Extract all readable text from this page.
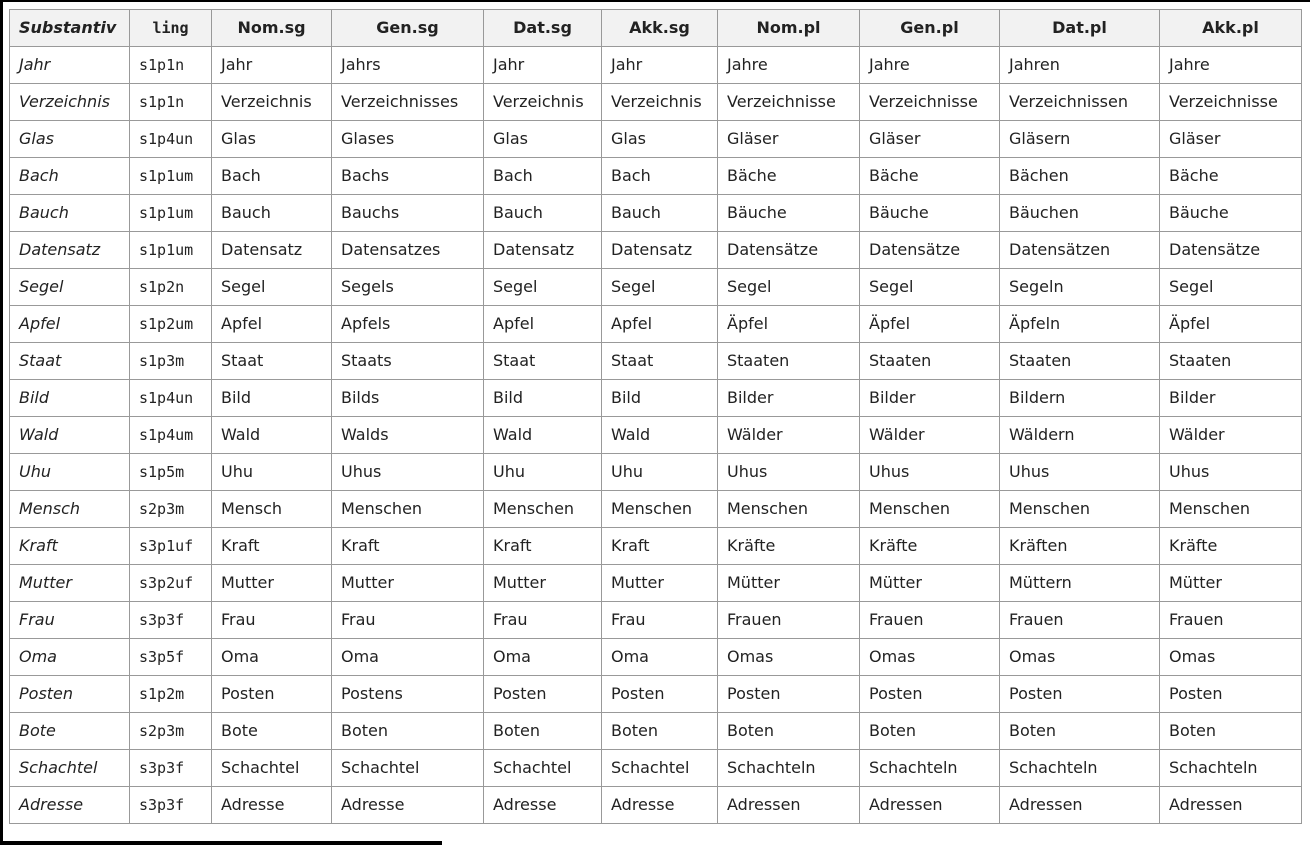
Substantiv	ling	Nom.sg	Gen.sg	Dat.sg	Akk.sg	Nom.pl	Gen.pl	Dat.pl	Akk.pl
Jahr	s1p1n	Jahr	Jahrs	Jahr	Jahr	Jahre	Jahre	Jahren	Jahre
Verzeichnis	s1p1n	Verzeichnis	Verzeichnisses	Verzeichnis	Verzeichnis	Verzeichnisse	Verzeichnisse	Verzeichnissen	Verzeichnisse
Glas	s1p4un	Glas	Glases	Glas	Glas	Gläser	Gläser	Gläsern	Gläser
Bach	s1p1um	Bach	Bachs	Bach	Bach	Bäche	Bäche	Bächen	Bäche
Bauch	s1p1um	Bauch	Bauchs	Bauch	Bauch	Bäuche	Bäuche	Bäuchen	Bäuche
Datensatz	s1p1um	Datensatz	Datensatzes	Datensatz	Datensatz	Datensätze	Datensätze	Datensätzen	Datensätze
Segel	s1p2n	Segel	Segels	Segel	Segel	Segel	Segel	Segeln	Segel
Apfel	s1p2um	Apfel	Apfels	Apfel	Apfel	Äpfel	Äpfel	Äpfeln	Äpfel
Staat	s1p3m	Staat	Staats	Staat	Staat	Staaten	Staaten	Staaten	Staaten
Bild	s1p4un	Bild	Bilds	Bild	Bild	Bilder	Bilder	Bildern	Bilder
Wald	s1p4um	Wald	Walds	Wald	Wald	Wälder	Wälder	Wäldern	Wälder
Uhu	s1p5m	Uhu	Uhus	Uhu	Uhu	Uhus	Uhus	Uhus	Uhus
Mensch	s2p3m	Mensch	Menschen	Menschen	Menschen	Menschen	Menschen	Menschen	Menschen
Kraft	s3p1uf	Kraft	Kraft	Kraft	Kraft	Kräfte	Kräfte	Kräften	Kräfte
Mutter	s3p2uf	Mutter	Mutter	Mutter	Mutter	Mütter	Mütter	Müttern	Mütter
Frau	s3p3f	Frau	Frau	Frau	Frau	Frauen	Frauen	Frauen	Frauen
Oma	s3p5f	Oma	Oma	Oma	Oma	Omas	Omas	Omas	Omas
Posten	s1p2m	Posten	Postens	Posten	Posten	Posten	Posten	Posten	Posten
Bote	s2p3m	Bote	Boten	Boten	Boten	Boten	Boten	Boten	Boten
Schachtel	s3p3f	Schachtel	Schachtel	Schachtel	Schachtel	Schachteln	Schachteln	Schachteln	Schachteln
Adresse	s3p3f	Adresse	Adresse	Adresse	Adresse	Adressen	Adressen	Adressen	Adressen
